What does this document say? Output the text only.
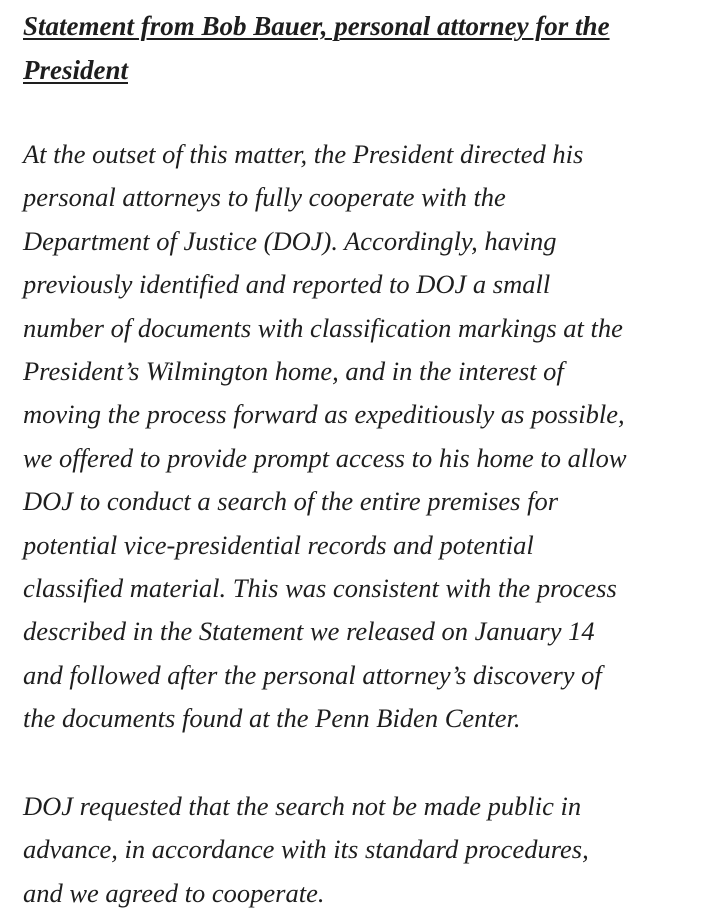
Statement from Bob Bauer, personal attorney for the
President

At the outset of this matter, the President directed his
personal attorneys to fully cooperate with the
Department of Justice (DOJ). Accordingly, having
previously identified and reported to DOJ a small
number of documents with classification markings at the
President’s Wilmington home, and in the interest of
moving the process forward as expeditiously as possible,
we offered to provide prompt access to his home to allow
DOJ to conduct a search of the entire premises for
potential vice-presidential records and potential
classified material. This was consistent with the process
described in the Statement we released on January 14
and followed after the personal attorney’s discovery of
the documents found at the Penn Biden Center.

DOJ requested that the search not be made public in
advance, in accordance with its standard procedures,
and we agreed to cooperate.
